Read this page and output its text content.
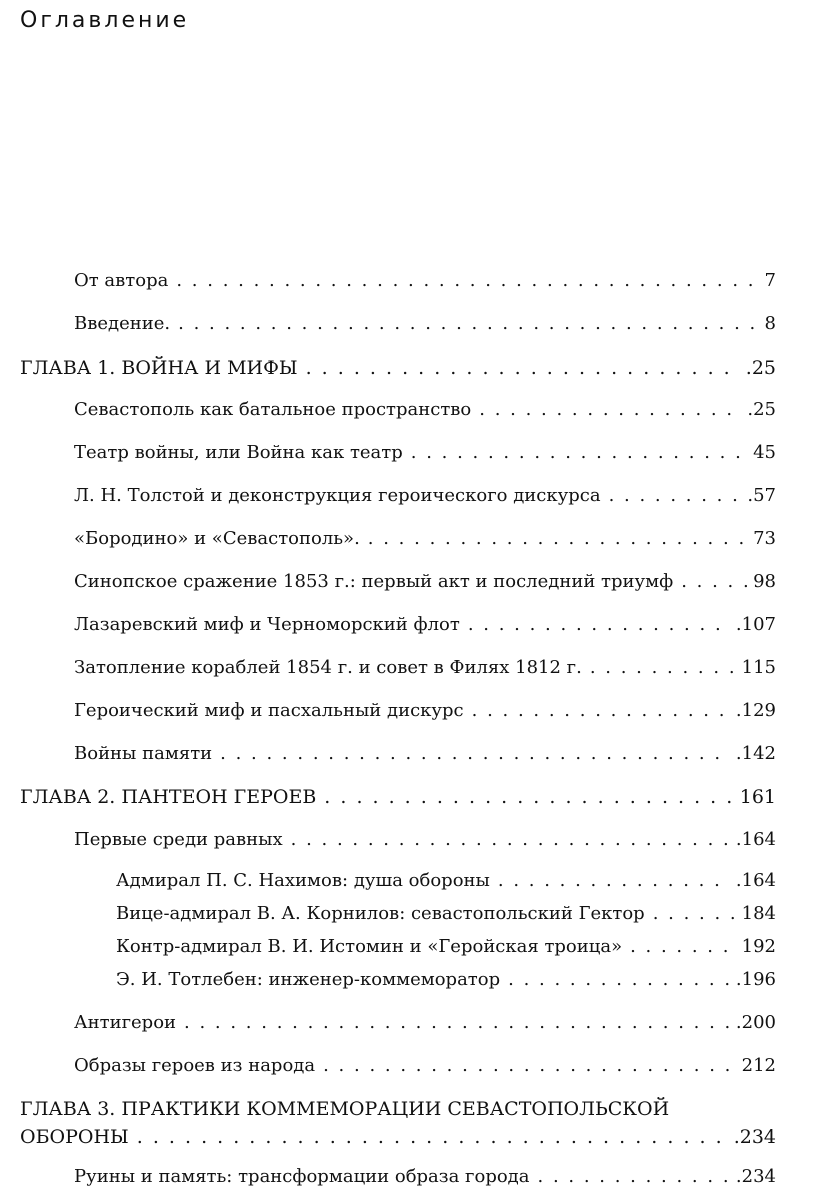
Оглавление
От автора . . .	7
Введение. . . .	8
ГЛАВА 1. ВОЙНА И МИФЫ . . .	.25
Севастополь как батальное пространство . . .	.25
Театр войны, или Война как театр . . .	45
Л. Н. Толстой и деконструкция героического дискурса . . .	.57
«Бородино» и «Севастополь». . . .	73
Синопское сражение 1853 г.: первый акт и последний триумф . . .	98
Лазаревский миф и Черноморский флот . . .	.107
Затопление кораблей 1854 г. и совет в Филях 1812 г. . . .	115
Героический миф и пасхальный дискурс . . .	.129
Войны памяти . . .	.142
ГЛАВА 2. ПАНТЕОН ГЕРОЕВ . . .	161
Первые среди равных . . .	.164
Адмирал П. С. Нахимов: душа обороны . . .	.164
Вице-адмирал В. А. Корнилов: севастопольский Гектор . . .	184
Контр-адмирал В. И. Истомин и «Геройская троица» . . .	192
Э. И. Тотлебен: инженер-коммеморатор . . .	.196
Антигерои . . .	.200
Образы героев из народа . . .	212
ГЛАВА 3. ПРАКТИКИ КОММЕМОРАЦИИ СЕВАСТОПОЛЬСКОЙ
ОБОРОНЫ . . .	.234
Руины и память: трансформации образа города . . .	.234
